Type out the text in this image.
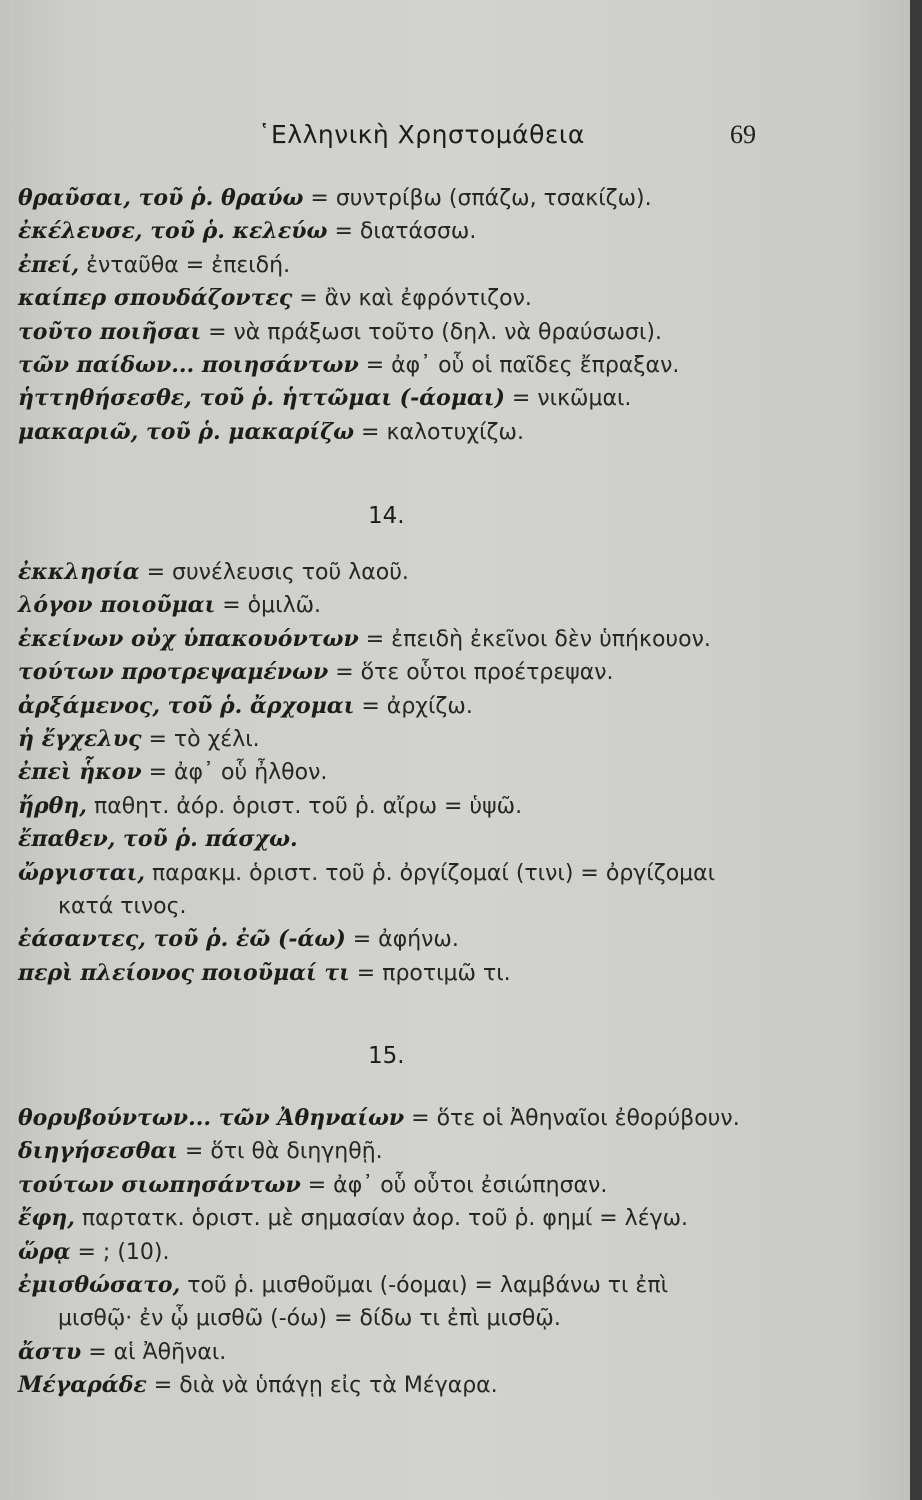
῾Ελληνικὴ Χρηστομάθεια	69
θραῦσαι, τοῦ ῥ. θραύω = συντρίβω (σπάζω, τσακίζω).
ἐκέλευσε, τοῦ ῥ. κελεύω = διατάσσω.
ἐπεί, ἐνταῦθα = ἐπειδή.
καίπερ σπουδάζοντες = ἂν καὶ ἐφρόντιζον.
τοῦτο ποιῆσαι = νὰ πράξωσι τοῦτο (δηλ. νὰ θραύσωσι).
τῶν παίδων... ποιησάντων = ἀφ᾽ οὗ οἱ παῖδες ἔπραξαν.
ἡττηθήσεσθε, τοῦ ῥ. ἡττῶμαι (-άομαι) = νικῶμαι.
μακαριῶ, τοῦ ῥ. μακαρίζω = καλοτυχίζω.
14.
ἐκκλησία = συνέλευσις τοῦ λαοῦ.
λόγον ποιοῦμαι = ὁμιλῶ.
ἐκείνων οὐχ ὑπακουόντων = ἐπειδὴ ἐκεῖνοι δὲν ὑπήκουον.
τούτων προτρεψαμένων = ὅτε οὗτοι προέτρεψαν.
ἀρξάμενος, τοῦ ῥ. ἄρχομαι = ἀρχίζω.
ἡ ἔγχελυς = τὸ χέλι.
ἐπεὶ ἧκον = ἀφ᾽ οὗ ἦλθον.
ἤρθη, παθητ. ἀόρ. ὁριστ. τοῦ ῥ. αἴρω = ὑψῶ.
ἔπαθεν, τοῦ ῥ. πάσχω.
ὤργισται, παρακμ. ὁριστ. τοῦ ῥ. ὀργίζομαί (τινι) = ὀργίζομαι
κατά τινος.
ἐάσαντες, τοῦ ῥ. ἐῶ (-άω) = ἀφήνω.
περὶ πλείονος ποιοῦμαί τι = προτιμῶ τι.
15.
θορυβούντων... τῶν Ἀθηναίων = ὅτε οἱ Ἀθηναῖοι ἐθορύβουν.
διηγήσεσθαι = ὅτι θὰ διηγηθῇ.
τούτων σιωπησάντων = ἀφ᾽ οὗ οὗτοι ἐσιώπησαν.
ἔφη, παρτατκ. ὁριστ. μὲ σημασίαν ἀορ. τοῦ ῥ. φημί = λέγω.
ὥρᾳ = ; (10).
ἐμισθώσατο, τοῦ ῥ. μισθοῦμαι (-όομαι) = λαμβάνω τι ἐπὶ
μισθῷ· ἐν ᾧ μισθῶ (-όω) = δίδω τι ἐπὶ μισθῷ.
ἄστυ = αἱ Ἀθῆναι.
Μέγαράδε = διὰ νὰ ὑπάγῃ εἰς τὰ Μέγαρα.
